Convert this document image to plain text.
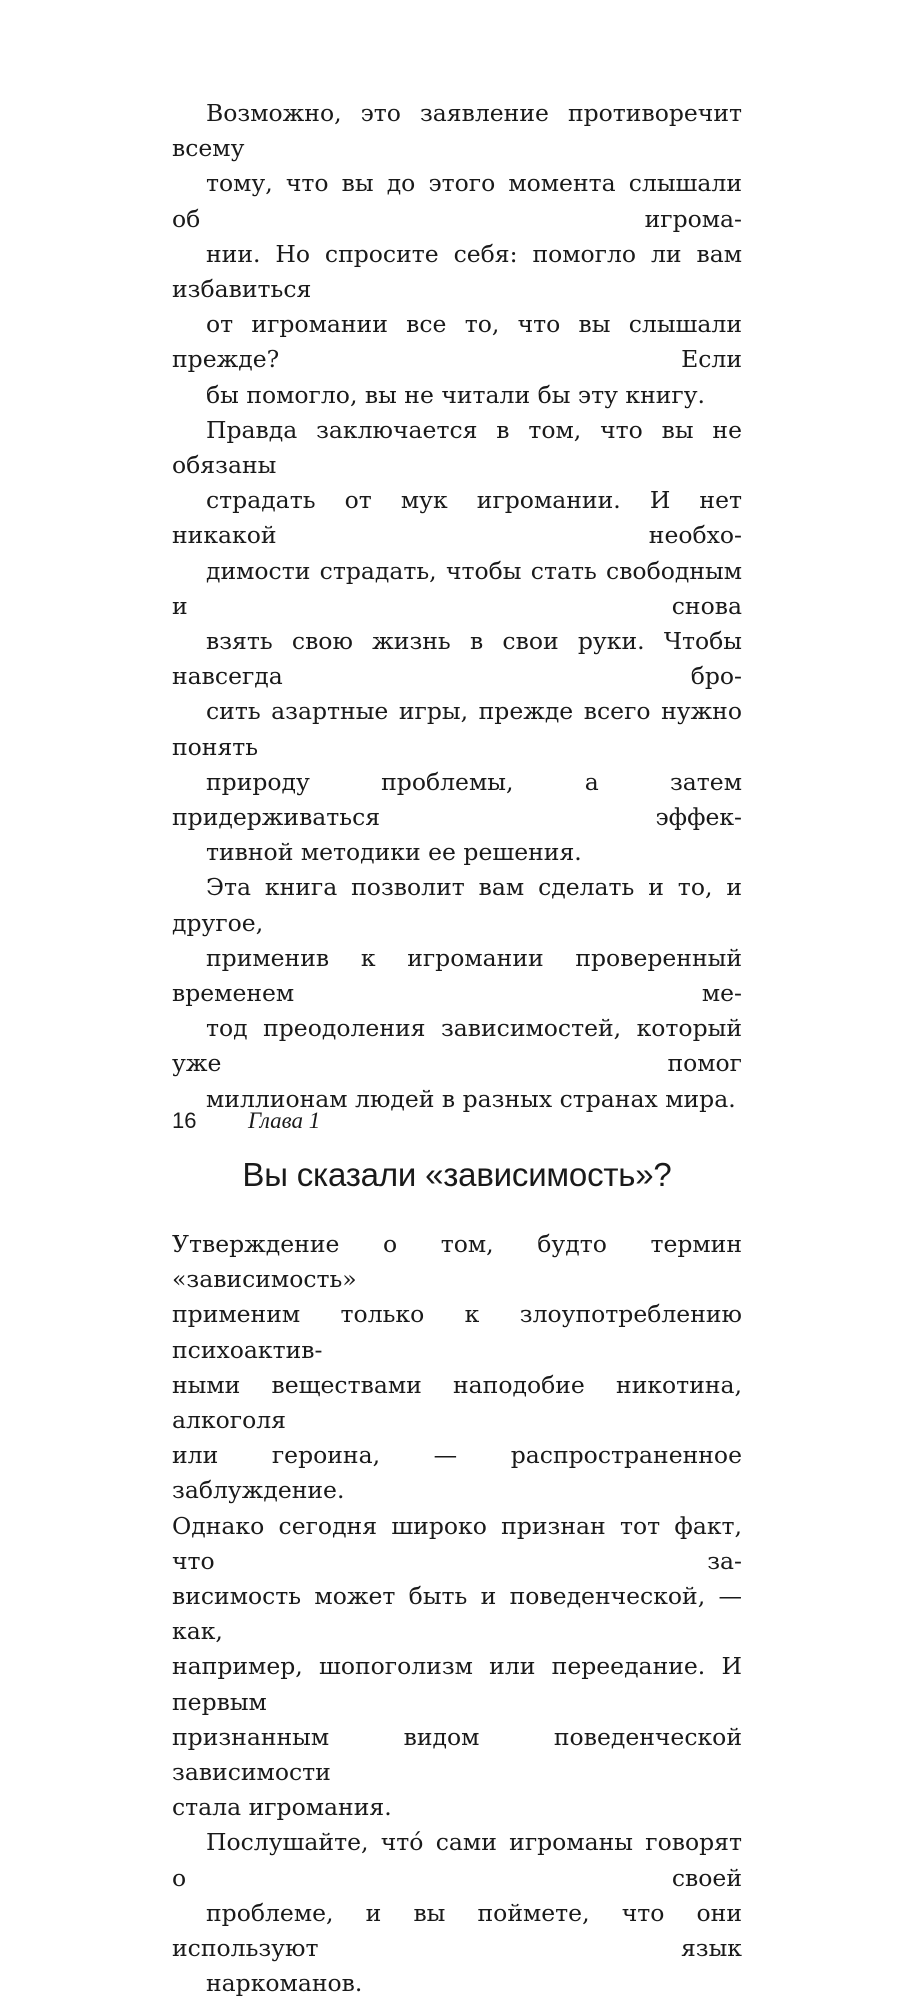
Возможно, это заявление противоречит всему
тому, что вы до этого момента слышали об игрома-
нии. Но спросите себя: помогло ли вам избавиться
от игромании все то, что вы слышали прежде? Если
бы помогло, вы не читали бы эту книгу.

Правда заключается в том, что вы не обязаны
страдать от мук игромании. И нет никакой необхо-
димости страдать, чтобы стать свободным и снова
взять свою жизнь в свои руки. Чтобы навсегда бро-
сить азартные игры, прежде всего нужно понять
природу проблемы, а затем придерживаться эффек-
тивной методики ее решения.

Эта книга позволит вам сделать и то, и другое,
применив к игромании проверенный временем ме-
тод преодоления зависимостей, который уже помог
миллионам людей в разных странах мира.

Вы сказали «зависимость»?

Утверждение о том, будто термин «зависимость»
применим только к злоупотреблению психоактив-
ными веществами наподобие никотина, алкоголя
или героина, — распространенное заблуждение.
Однако сегодня широко признан тот факт, что за-
висимость может быть и поведенческой, — как,
например, шопоголизм или переедание. И первым
признанным видом поведенческой зависимости
стала игромания.

Послушайте, что́ сами игроманы говорят о своей
проблеме, и вы поймете, что они используют язык
наркоманов.

16 Глава 1
